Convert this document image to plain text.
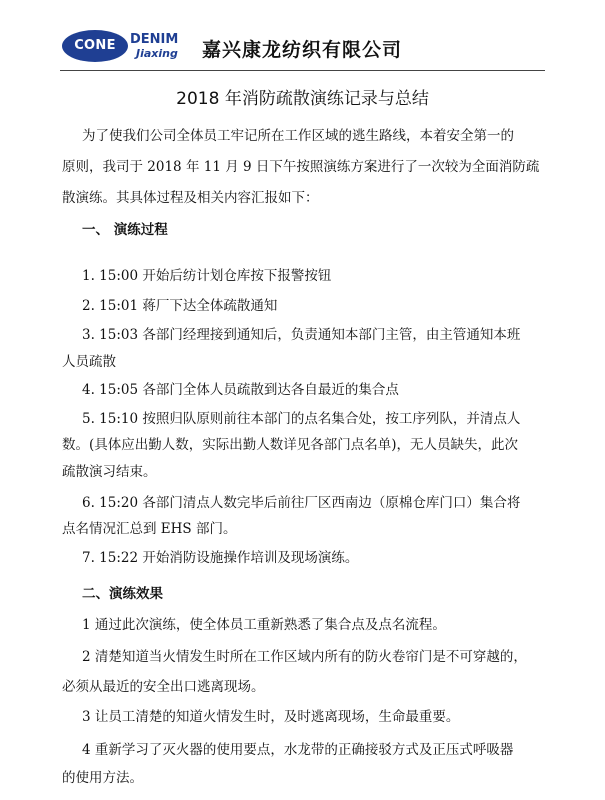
CONE	DENIM
Jiaxing 嘉兴康龙纺织有限公司
2018 年消防疏散演练记录与总结
为了使我们公司全体员工牢记所在工作区域的逃生路线，本着安全第一的
原则，我司于 2018 年 11 月 9 日下午按照演练方案进行了一次较为全面消防疏
散演练。其具体过程及相关内容汇报如下：
一、 演练过程
1. 15:00 开始后纺计划仓库按下报警按钮
2. 15:01 蒋厂下达全体疏散通知
3. 15:03 各部门经理接到通知后，负责通知本部门主管，由主管通知本班
人员疏散
4. 15:05 各部门全体人员疏散到达各自最近的集合点
5. 15:10 按照归队原则前往本部门的点名集合处，按工序列队，并清点人
数。(具体应出勤人数，实际出勤人数详见各部门点名单)，无人员缺失，此次
疏散演习结束。
6. 15:20 各部门清点人数完毕后前往厂区西南边（原棉仓库门口）集合将
点名情况汇总到 EHS 部门。
7. 15:22 开始消防设施操作培训及现场演练。
二、演练效果
1 通过此次演练，使全体员工重新熟悉了集合点及点名流程。
2 清楚知道当火情发生时所在工作区域内所有的防火卷帘门是不可穿越的，
必须从最近的安全出口逃离现场。
3 让员工清楚的知道火情发生时，及时逃离现场，生命最重要。
4 重新学习了灭火器的使用要点，水龙带的正确接驳方式及正压式呼吸器
的使用方法。
